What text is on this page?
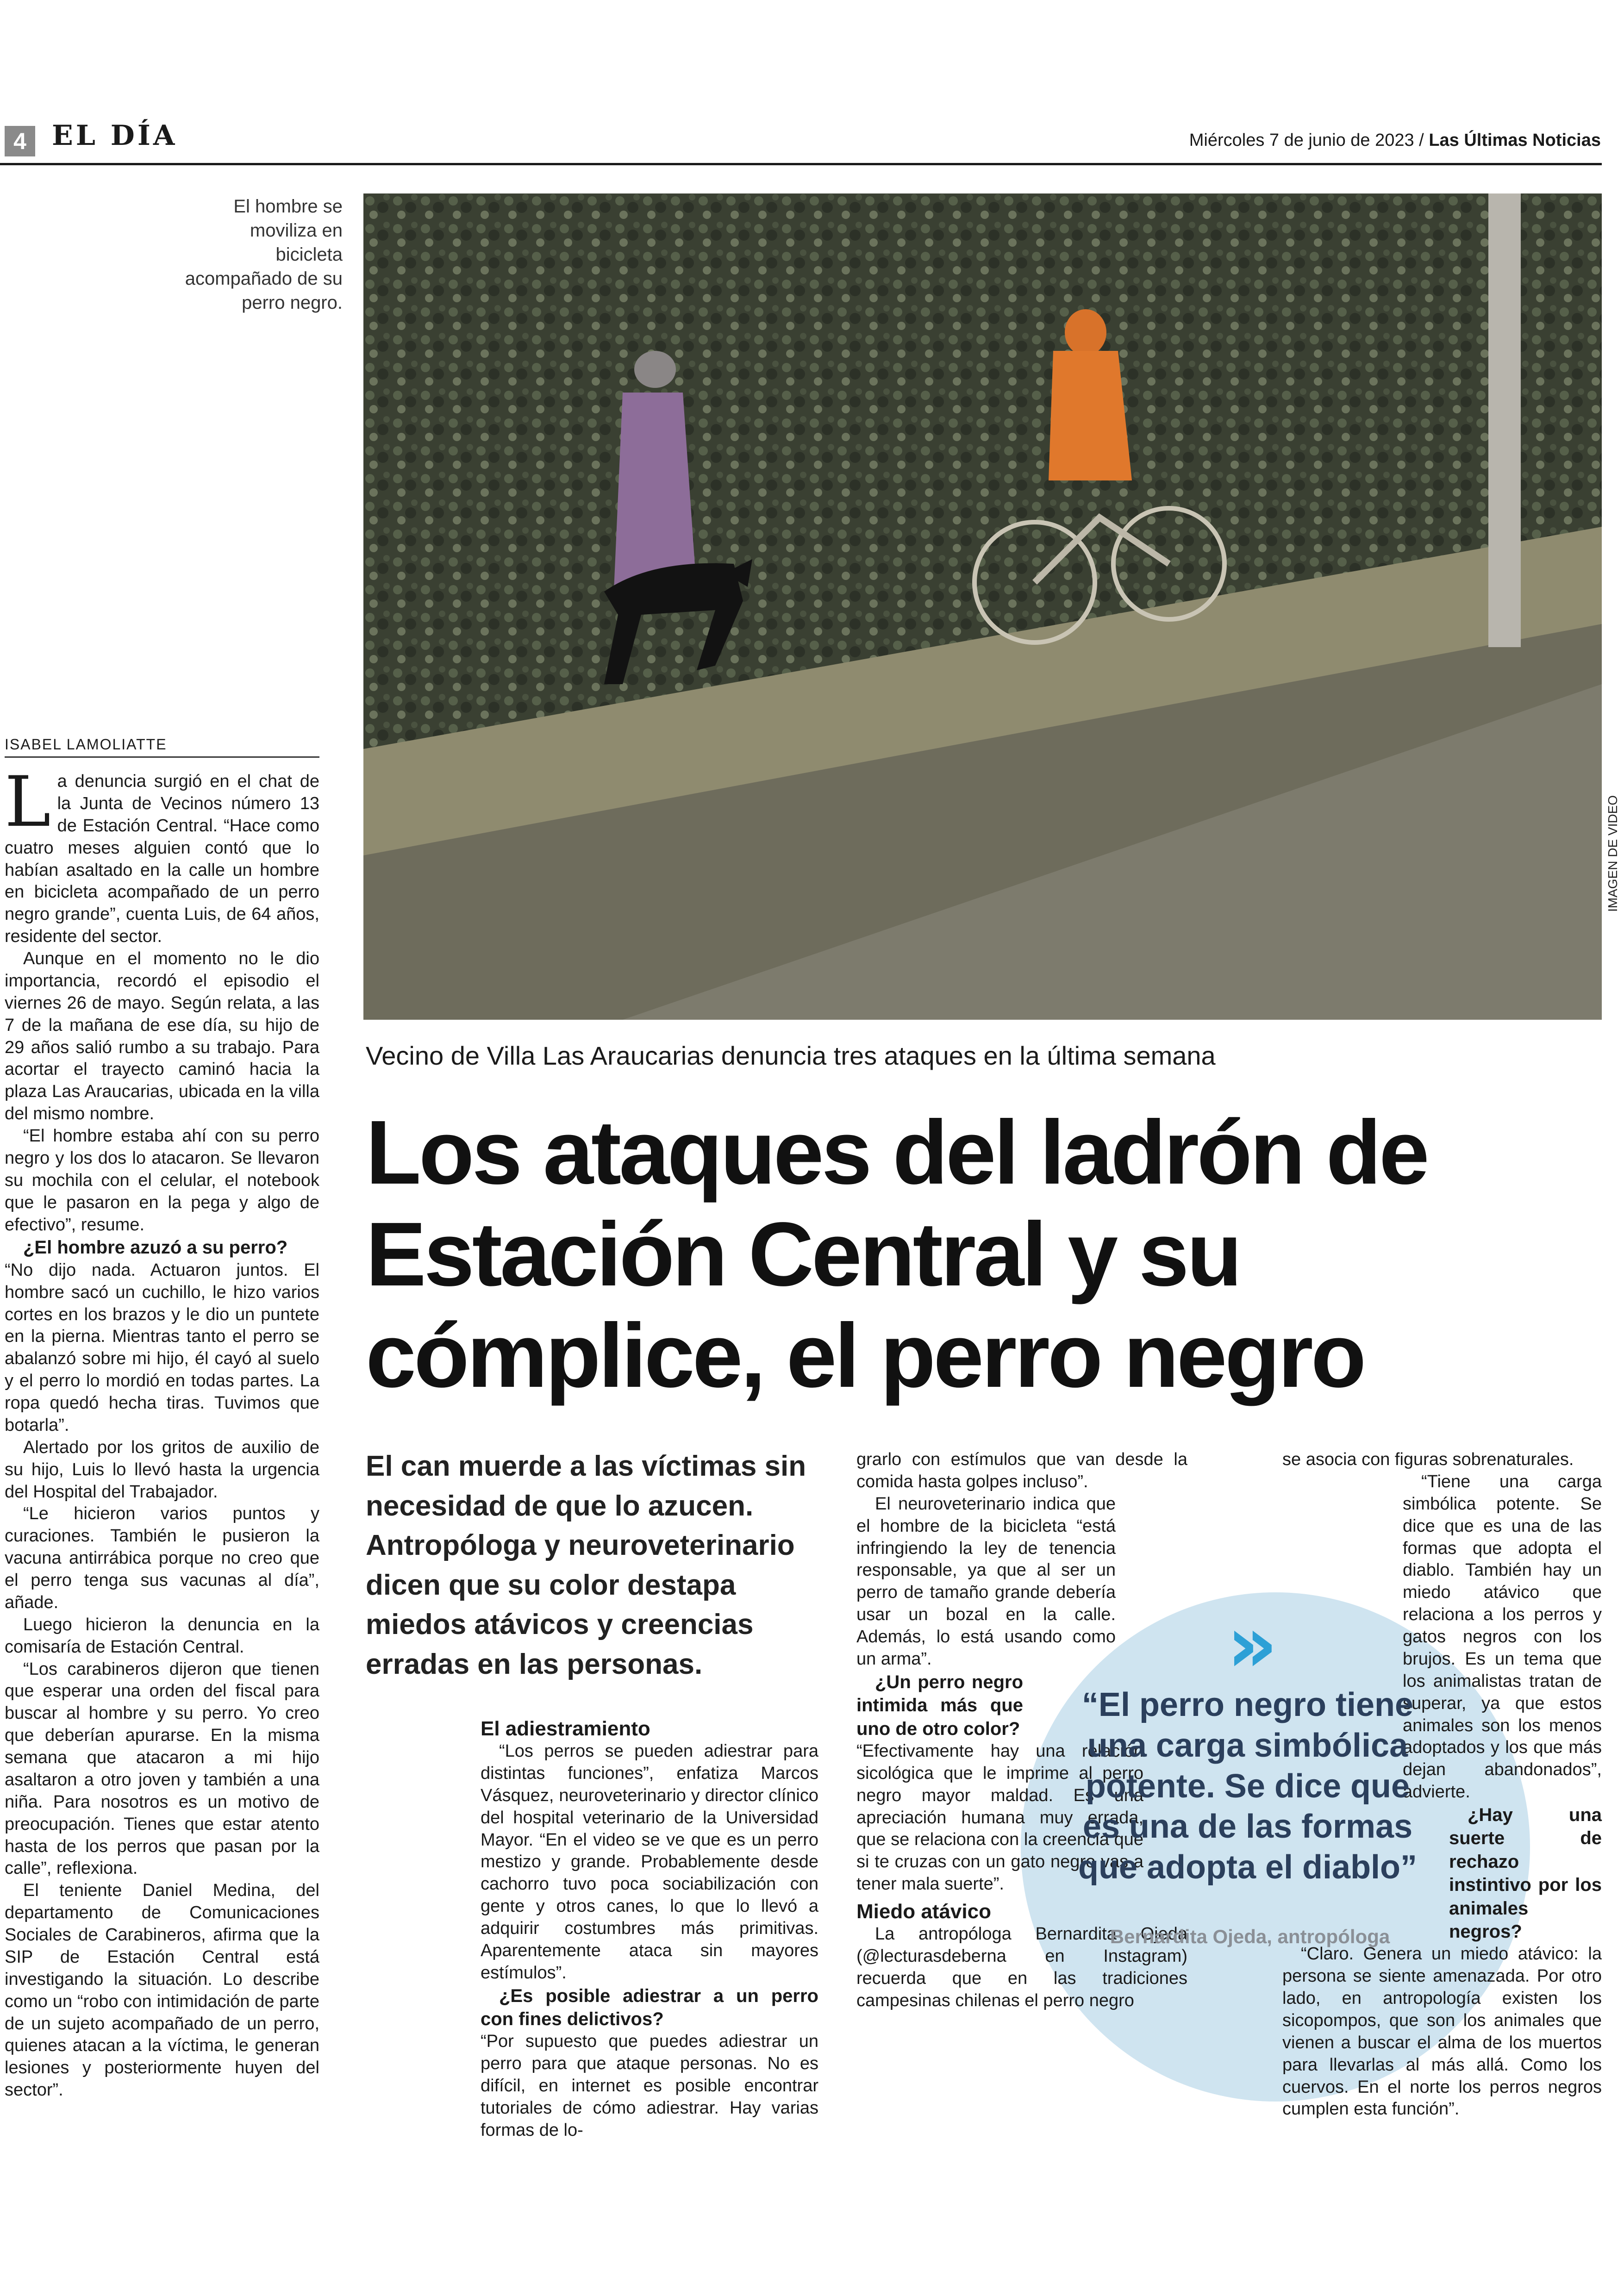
4 EL DÍA	Miércoles 7 de junio de 2023 / Las Últimas Noticias
El hombre se
moviliza en
bicicleta
acompañado de su
perro negro.
IMAGEN DE VIDEO
ISABEL LAMOLIATTE

La denuncia surgió en el chat de la Junta de Vecinos número 13 de Estación Central. “Hace como cuatro meses alguien contó que lo habían asaltado en la calle un hombre en bicicleta acompañado de un perro negro grande”, cuenta Luis, de 64 años, residente del sector.

Aunque en el momento no le dio importancia, recordó el episodio el viernes 26 de mayo. Según relata, a las 7 de la mañana de ese día, su hijo de 29 años salió rumbo a su trabajo. Para acortar el trayecto caminó hacia la plaza Las Araucarias, ubicada en la villa del mismo nombre.

“El hombre estaba ahí con su perro negro y los dos lo atacaron. Se llevaron su mochila con el celular, el notebook que le pasaron en la pega y algo de efectivo”, resume.

¿El hombre azuzó a su perro?

“No dijo nada. Actuaron juntos. El hombre sacó un cuchillo, le hizo varios cortes en los brazos y le dio un puntete en la pierna. Mientras tanto el perro se abalanzó sobre mi hijo, él cayó al suelo y el perro lo mordió en todas partes. La ropa quedó hecha tiras. Tuvimos que botarla”.

Alertado por los gritos de auxilio de su hijo, Luis lo llevó hasta la urgencia del Hospital del Trabajador.

“Le hicieron varios puntos y curaciones. También le pusieron la vacuna antirrábica porque no creo que el perro tenga sus vacunas al día”, añade.

Luego hicieron la denuncia en la comisaría de Estación Central.

“Los carabineros dijeron que tienen que esperar una orden del fiscal para buscar al hombre y su perro. Yo creo que deberían apurarse. En la misma semana que atacaron a mi hijo asaltaron a otro joven y también a una niña. Para nosotros es un motivo de preocupación. Tienes que estar atento hasta de los perros que pasan por la calle”, reflexiona.

El teniente Daniel Medina, del departamento de Comunicaciones Sociales de Carabineros, afirma que la SIP de Estación Central está investigando la situación. Lo describe como un “robo con intimidación de parte de un sujeto acompañado de un perro, quienes atacan a la víctima, le generan lesiones y posteriormente huyen del sector”.

Vecino de Villa Las Araucarias denuncia tres ataques en la última semana
Los ataques del ladrón de
Estación Central y su
cómplice, el perro negro
El can muerde a las víctimas sin necesidad de que lo azucen. Antropóloga y neuroveterinario dicen que su color destapa miedos atávicos y creencias erradas en las personas.
El adiestramiento

“Los perros se pueden adiestrar para distintas funciones”, enfatiza Marcos Vásquez, neuroveterinario y director clínico del hospital veterinario de la Universidad Mayor. “En el video se ve que es un perro mestizo y grande. Probablemente desde cachorro tuvo poca sociabilización con gente y otros canes, lo que lo llevó a adquirir costumbres más primitivas. Aparentemente ataca sin mayores estímulos”.

¿Es posible adiestrar a un perro con fines delictivos?

“Por supuesto que puedes adiestrar un perro para que ataque personas. No es difícil, en internet es posible encontrar tutoriales de cómo adiestrar. Hay varias formas de lo-

grarlo con estímulos que van desde la comida hasta golpes incluso”.

El neuroveterinario indica que el hombre de la bicicleta “está infringiendo la ley de tenencia responsable, ya que al ser un perro de tamaño grande debería usar un bozal en la calle. Además, lo está usando como un arma”.

¿Un perro negro intimida más que uno de otro color?

“Efectivamente hay una relación sicológica que le imprime al perro negro mayor maldad. Es una apreciación humana muy errada, que se relaciona con la creencia que si te cruzas con un gato negro vas a tener mala suerte”.

Miedo atávico

La antropóloga Bernardita Ojeda (@lecturasdeberna en Instagram) recuerda que en las tradiciones campesinas chilenas el perro negro

se asocia con figuras sobrenaturales.

“Tiene una carga simbólica potente. Se dice que es una de las formas que adopta el diablo. También hay un miedo atávico que relaciona a los perros y gatos negros con los brujos. Es un tema que los animalistas tratan de superar, ya que estos animales son los menos adoptados y los que más dejan abandonados”, advierte.

¿Hay una suerte de rechazo instintivo por los animales negros?

“Claro. Genera un miedo atávico: la persona se siente amenazada. Por otro lado, en antropología existen los sicopompos, que son los animales que vienen a buscar el alma de los muertos para llevarlas al más allá. Como los cuervos. En el norte los perros negros cumplen esta función”.

»
“El perro negro tiene una carga simbólica potente. Se dice que es una de las formas que adopta el diablo”
Bernardita Ojeda, antropóloga
